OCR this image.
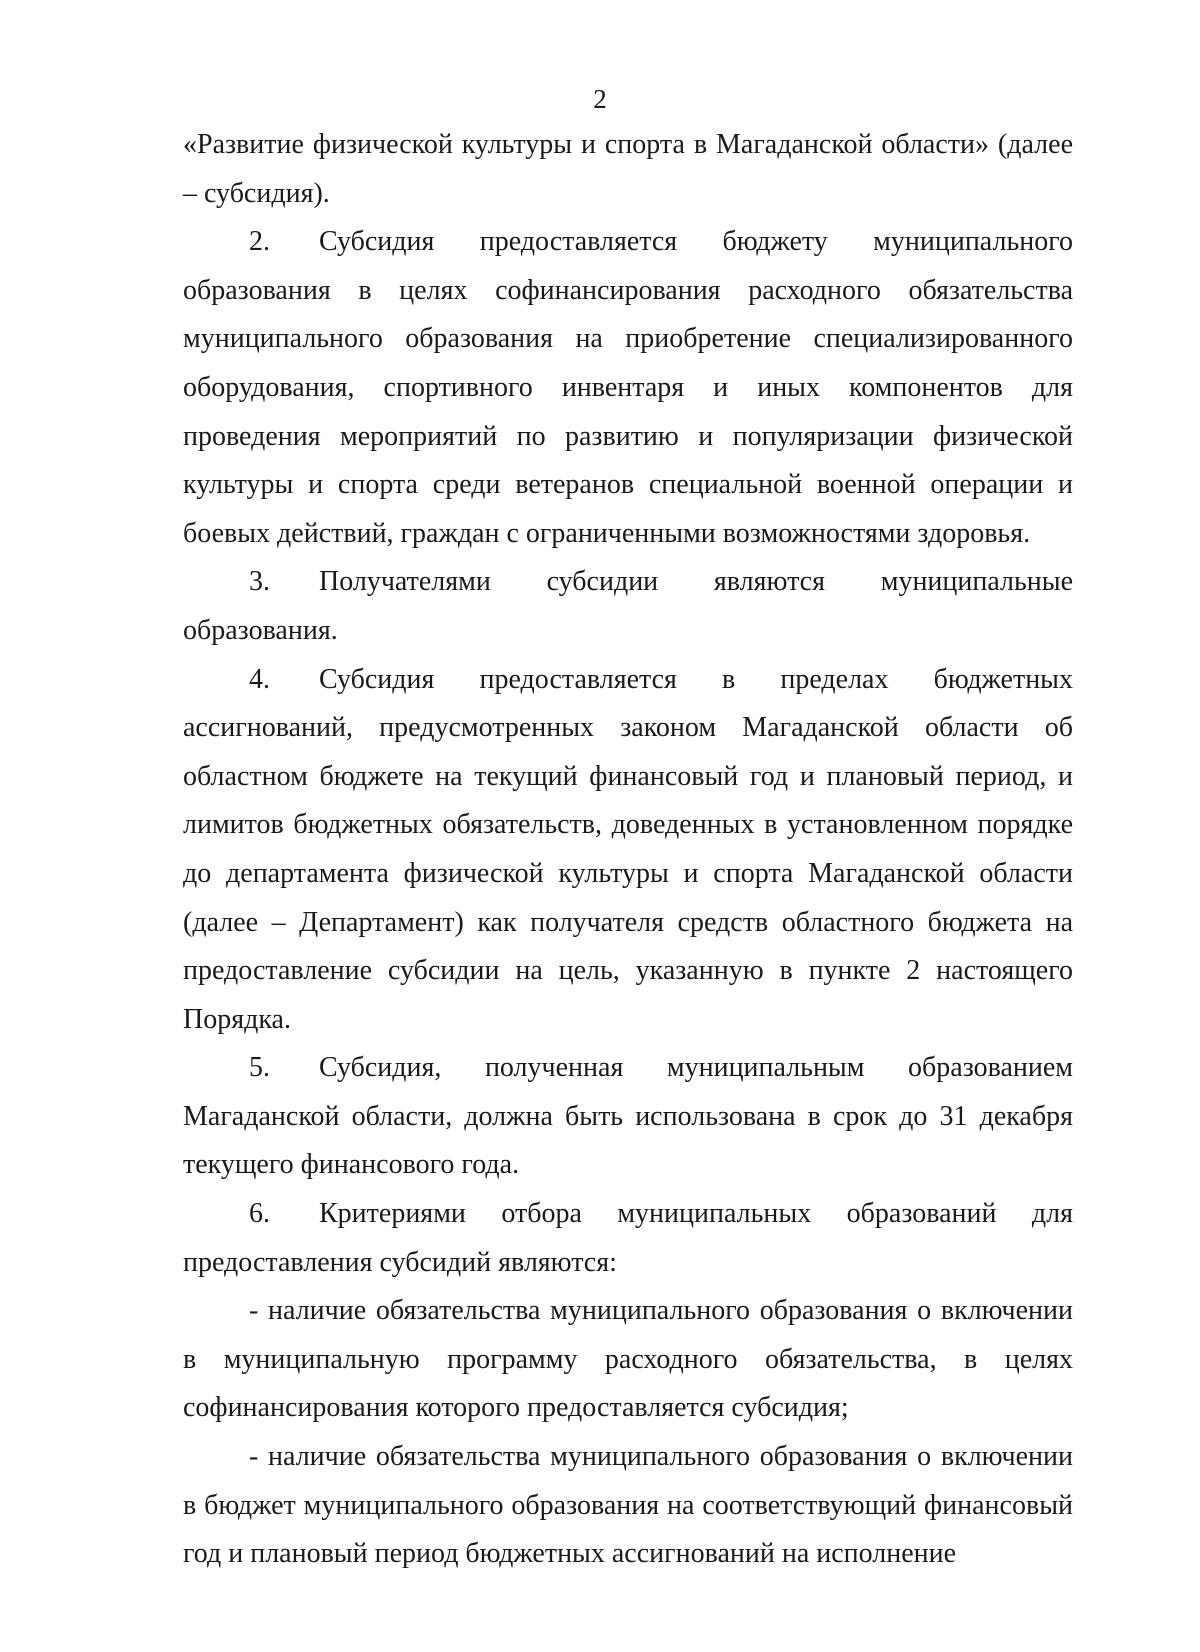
2

«Развитие физической культуры и спорта в Магаданской области» (далее – субсидия).

2. Субсидия предоставляется бюджету муниципального образования в целях софинансирования расходного обязательства муниципального образования на приобретение специализированного оборудования, спортивного инвентаря и иных компонентов для проведения мероприятий по развитию и популяризации физической культуры и спорта среди ветеранов специальной военной операции и боевых действий, граждан с ограниченными возможностями здоровья.

3. Получателями субсидии являются муниципальные образования.

4. Субсидия предоставляется в пределах бюджетных ассигнований, предусмотренных законом Магаданской области об областном бюджете на текущий финансовый год и плановый период, и лимитов бюджетных обязательств, доведенных в установленном порядке до департамента физической культуры и спорта Магаданской области (далее – Департамент) как получателя средств областного бюджета на предоставление субсидии на цель, указанную в пункте 2 настоящего Порядка.

5. Субсидия, полученная муниципальным образованием Магаданской области, должна быть использована в срок до 31 декабря текущего финансового года.

6. Критериями отбора муниципальных образований для предоставления субсидий являются:

- наличие обязательства муниципального образования о включении в муниципальную программу расходного обязательства, в целях софинансирования которого предоставляется субсидия;

- наличие обязательства муниципального образования о включении в бюджет муниципального образования на соответствующий финансовый год и плановый период бюджетных ассигнований на исполнение
